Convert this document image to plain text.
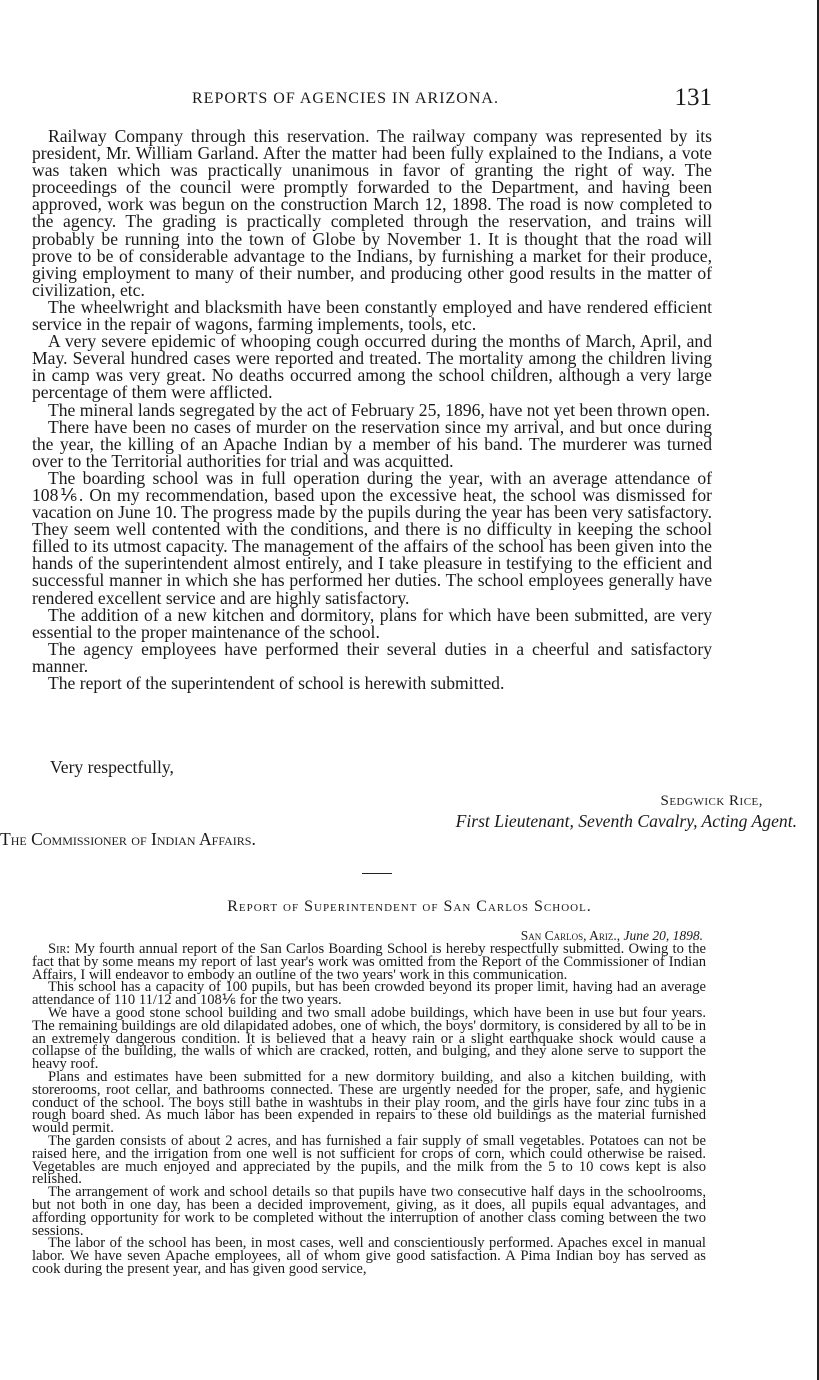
REPORTS OF AGENCIES IN ARIZONA.	131

Railway Company through this reservation. The railway company was represented by its president, Mr. William Garland. After the matter had been fully explained to the Indians, a vote was taken which was practically unanimous in favor of granting the right of way. The proceedings of the council were promptly forwarded to the Department, and having been approved, work was begun on the construction March 12, 1898. The road is now completed to the agency. The grading is practically completed through the reservation, and trains will probably be running into the town of Globe by November 1. It is thought that the road will prove to be of considerable advantage to the Indians, by furnishing a market for their produce, giving employment to many of their number, and producing other good results in the matter of civilization, etc.

The wheelwright and blacksmith have been constantly employed and have rendered efficient service in the repair of wagons, farming implements, tools, etc.

A very severe epidemic of whooping cough occurred during the months of March, April, and May. Several hundred cases were reported and treated. The mortality among the children living in camp was very great. No deaths occurred among the school children, although a very large percentage of them were afflicted.

The mineral lands segregated by the act of February 25, 1896, have not yet been thrown open.

There have been no cases of murder on the reservation since my arrival, and but once during the year, the killing of an Apache Indian by a member of his band. The murderer was turned over to the Territorial authorities for trial and was acquitted.

The boarding school was in full operation during the year, with an average attendance of 108⅙. On my recommendation, based upon the excessive heat, the school was dismissed for vacation on June 10. The progress made by the pupils during the year has been very satisfactory. They seem well contented with the conditions, and there is no difficulty in keeping the school filled to its utmost capacity. The management of the affairs of the school has been given into the hands of the superintendent almost entirely, and I take pleasure in testifying to the efficient and successful manner in which she has performed her duties. The school employees generally have rendered excellent service and are highly satisfactory.

The addition of a new kitchen and dormitory, plans for which have been submitted, are very essential to the proper maintenance of the school.

The agency employees have performed their several duties in a cheerful and satisfactory manner.

The report of the superintendent of school is herewith submitted.

Very respectfully,
Sedgwick Rice,
First Lieutenant, Seventh Cavalry, Acting Agent.
The Commissioner of Indian Affairs.
Report of Superintendent of San Carlos School.
San Carlos, Ariz., June 20, 1898.

Sir: My fourth annual report of the San Carlos Boarding School is hereby respectfully submitted. Owing to the fact that by some means my report of last year's work was omitted from the Report of the Commissioner of Indian Affairs, I will endeavor to embody an outline of the two years' work in this communication.

This school has a capacity of 100 pupils, but has been crowded beyond its proper limit, having had an average attendance of 110 11/12 and 108⅙ for the two years.

We have a good stone school building and two small adobe buildings, which have been in use but four years. The remaining buildings are old dilapidated adobes, one of which, the boys' dormitory, is considered by all to be in an extremely dangerous condition. It is believed that a heavy rain or a slight earthquake shock would cause a collapse of the building, the walls of which are cracked, rotten, and bulging, and they alone serve to support the heavy roof.

Plans and estimates have been submitted for a new dormitory building, and also a kitchen building, with storerooms, root cellar, and bathrooms connected. These are urgently needed for the proper, safe, and hygienic conduct of the school. The boys still bathe in washtubs in their play room, and the girls have four zinc tubs in a rough board shed. As much labor has been expended in repairs to these old buildings as the material furnished would permit.

The garden consists of about 2 acres, and has furnished a fair supply of small vegetables. Potatoes can not be raised here, and the irrigation from one well is not sufficient for crops of corn, which could otherwise be raised. Vegetables are much enjoyed and appreciated by the pupils, and the milk from the 5 to 10 cows kept is also relished.

The arrangement of work and school details so that pupils have two consecutive half days in the schoolrooms, but not both in one day, has been a decided improvement, giving, as it does, all pupils equal advantages, and affording opportunity for work to be completed without the interruption of another class coming between the two sessions.

The labor of the school has been, in most cases, well and conscientiously performed. Apaches excel in manual labor. We have seven Apache employees, all of whom give good satisfaction. A Pima Indian boy has served as cook during the present year, and has given good service,
